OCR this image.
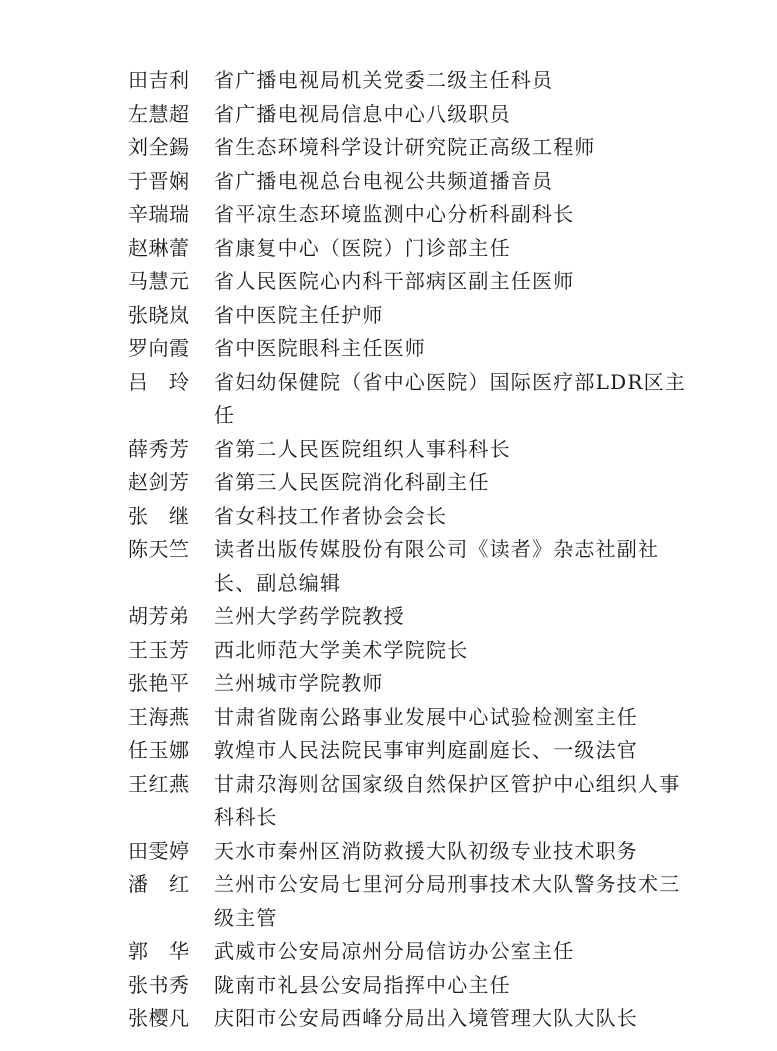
田吉利	省广播电视局机关党委二级主任科员
左慧超	省广播电视局信息中心八级职员
刘全鍚	省生态环境科学设计研究院正高级工程师
于晋娴	省广播电视总台电视公共频道播音员
辛瑞瑞	省平凉生态环境监测中心分析科副科长
赵琳蕾	省康复中心（医院）门诊部主任
马慧元	省人民医院心内科干部病区副主任医师
张晓岚	省中医院主任护师
罗向霞	省中医院眼科主任医师
吕　玲	省妇幼保健院（省中心医院）国际医疗部LDR区主任
薛秀芳	省第二人民医院组织人事科科长
赵剑芳	省第三人民医院消化科副主任
张　继	省女科技工作者协会会长
陈天竺	读者出版传媒股份有限公司《读者》杂志社副社长、副总编辑
胡芳弟	兰州大学药学院教授
王玉芳	西北师范大学美术学院院长
张艳平	兰州城市学院教师
王海燕	甘肃省陇南公路事业发展中心试验检测室主任
任玉娜	敦煌市人民法院民事审判庭副庭长、一级法官
王红燕	甘肃尕海则岔国家级自然保护区管护中心组织人事科科长
田雯婷	天水市秦州区消防救援大队初级专业技术职务
潘　红	兰州市公安局七里河分局刑事技术大队警务技术三级主管
郭　华	武威市公安局凉州分局信访办公室主任
张书秀	陇南市礼县公安局指挥中心主任
张樱凡	庆阳市公安局西峰分局出入境管理大队大队长
